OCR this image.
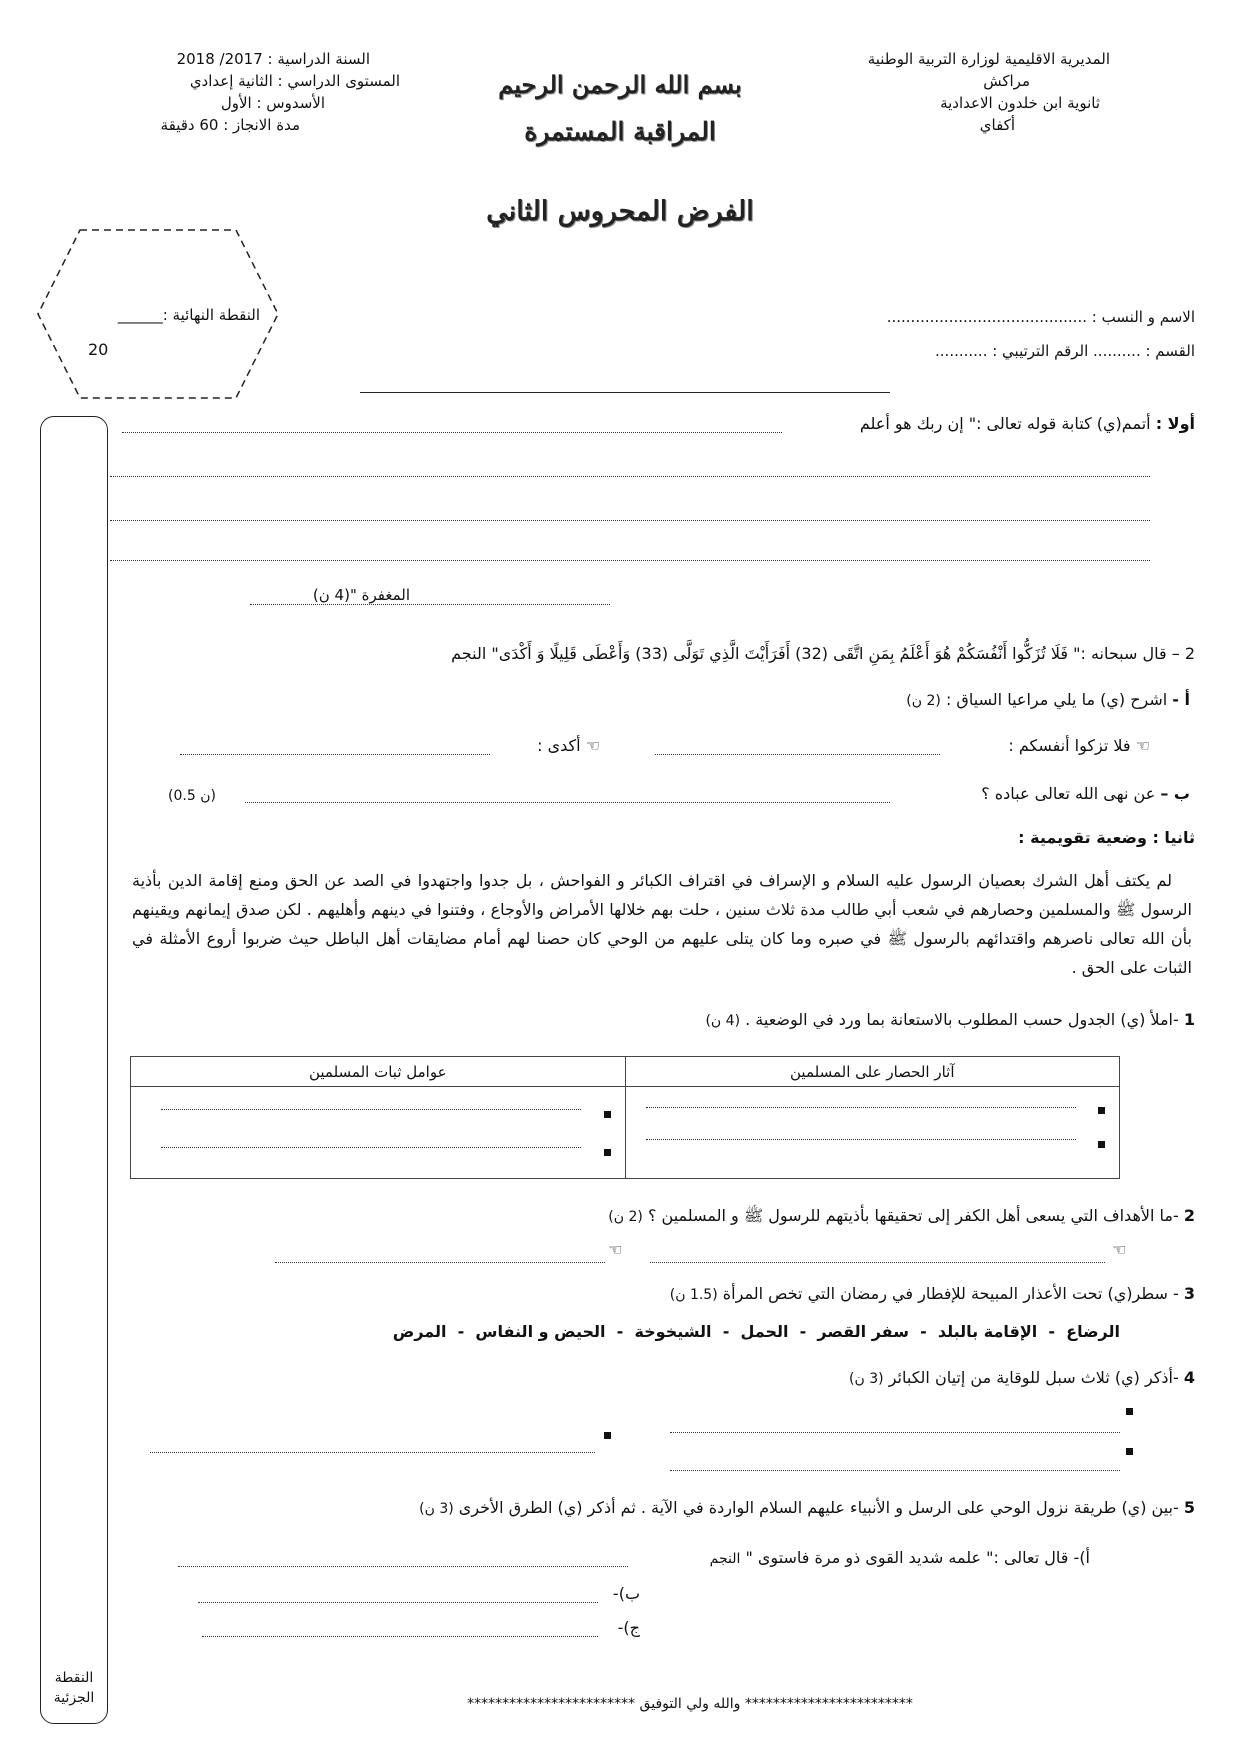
المديرية الاقليمية لوزارة التربية الوطنية
مراكش
ثانوية ابن خلدون الاعدادية
أكفاي
بسم الله الرحمن الرحيم
المراقبة المستمرة
الفرض المحروس الثاني
السنة الدراسية : 2017/ 2018
المستوى الدراسي : الثانية إعدادي
الأسدوس : الأول
مدة الانجاز : 60 دقيقة
النقطة النهائية :______
20
الاسم و النسب : ..........................................
القسم : .......... الرقم الترتيبي : ...........
النقطة
الجزئية
أولا : أتمم(ي) كتابة قوله تعالى :" إن ربك هو أعلم
المغفرة "(4 ن)
2 – قال سبحانه :" فَلَا تُزَكُّوا أَنْفُسَكُمْ هُوَ أَعْلَمُ بِمَنِ اتَّقَى (32) أَفَرَأَيْتَ الَّذِي تَوَلَّى (33) وَأَعْطَى قَلِيلًا وَ أَكْدَى" النجم
أ - اشرح (ي) ما يلي مراعيا السياق : (2 ن)
☜ فلا تزكوا أنفسكم :
☜ أكدى :
ب – عن نهى الله تعالى عباده ؟
(0.5 ن)
ثانيا : وضعية تقويمية :
لم يكتف أهل الشرك بعصيان الرسول عليه السلام و الإسراف في اقتراف الكبائر و الفواحش ، بل جدوا واجتهدوا في الصد عن الحق ومنع إقامة الدين بأذية الرسول ﷺ والمسلمين وحصارهم في شعب أبي طالب مدة ثلاث سنين ، حلت بهم خلالها الأمراض والأوجاع ، وفتنوا في دينهم وأهليهم . لكن صدق إيمانهم ويقينهم بأن الله تعالى ناصرهم واقتدائهم بالرسول ﷺ في صبره وما كان يتلى عليهم من الوحي كان حصنا لهم أمام مضايقات أهل الباطل حيث ضربوا أروع الأمثلة في الثبات على الحق .
1 -املأ (ي) الجدول حسب المطلوب بالاستعانة بما ورد في الوضعية . (4 ن)
عوامل ثبات المسلمين	آثار الحصار على المسلمين

2 -ما الأهداف التي يسعى أهل الكفر إلى تحقيقها بأذيتهم للرسول ﷺ و المسلمين ؟ (2 ن)
☜
☜
3 - سطر(ي) تحت الأعذار المبيحة للإفطار في رمضان التي تخص المرأة (1.5 ن)
الرضاع  -  الإقامة بالبلد  -  سفر القصر  -  الحمل  -  الشيخوخة  -  الحيض و النفاس  -  المرض
4 -أذكر (ي) ثلاث سبل للوقاية من إتيان الكبائر (3 ن)
5 -بين (ي) طريقة نزول الوحي على الرسل و الأنبياء عليهم السلام الواردة في الآية . ثم أذكر (ي) الطرق الأخرى (3 ن)
أ)- قال تعالى :" علمه شديد القوى ذو مرة فاستوى " النجم
ب)-
ج)-
************************ والله ولي التوفيق ************************
